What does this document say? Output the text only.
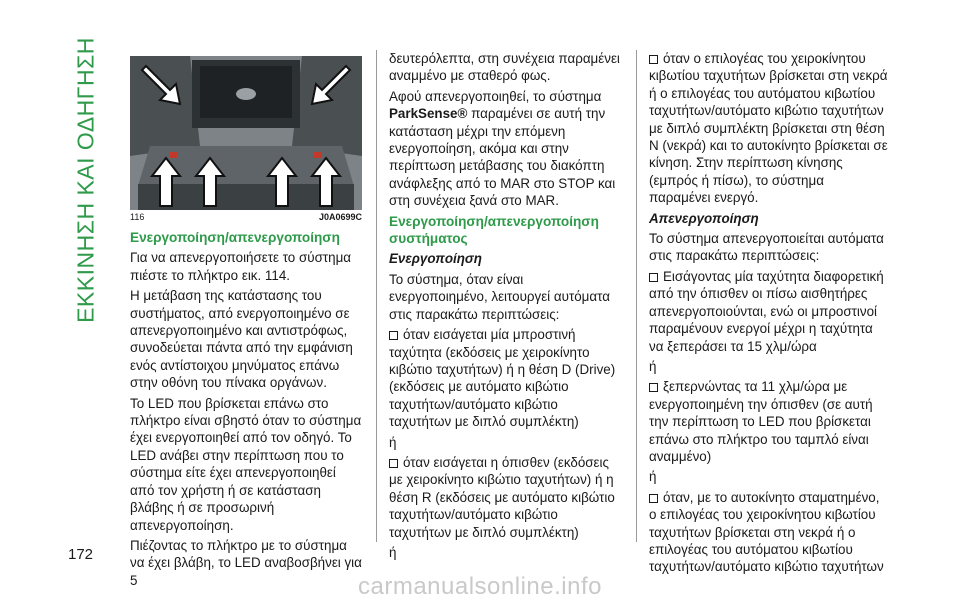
ΕΚΚΙΝΗΣΗ ΚΑΙ ΟΔΗΓΗΣΗ	116	J0A0699C

Ενεργοποίηση/απενεργοποίηση

Για να απενεργοποιήσετε το σύστημα πιέστε το πλήκτρο εικ. 114.

Η μετάβαση της κατάστασης του συστήματος, από ενεργοποιημένο σε απενεργοποιημένο και αντιστρόφως, συνοδεύεται πάντα από την εμφάνιση ενός αντίστοιχου μηνύματος επάνω στην οθόνη του πίνακα οργάνων.

Το LED που βρίσκεται επάνω στο πλήκτρο είναι σβηστό όταν το σύστημα έχει ενεργοποιηθεί από τον οδηγό. Το LED ανάβει στην περίπτωση που το σύστημα είτε έχει απενεργοποιηθεί από τον χρήστη ή σε κατάσταση βλάβης ή σε προσωρινή απενεργοποίηση.

Πιέζοντας το πλήκτρο με το σύστημα να έχει βλάβη, το LED αναβοσβήνει για 5

δευτερόλεπτα, στη συνέχεια παραμένει αναμμένο με σταθερό φως.

Αφού απενεργοποιηθεί, το σύστημα ParkSense® παραμένει σε αυτή την κατάσταση μέχρι την επόμενη ενεργοποίηση, ακόμα και στην περίπτωση μετάβασης του διακόπτη ανάφλεξης από το MAR στο STOP και στη συνέχεια ξανά στο MAR.

Ενεργοποίηση/απενεργοποίηση συστήματος

Ενεργοποίηση

Το σύστημα, όταν είναι ενεργοποιημένο, λειτουργεί αυτόματα στις παρακάτω περιπτώσεις:

όταν εισάγεται μία μπροστινή ταχύτητα (εκδόσεις με χειροκίνητο κιβώτιο ταχυτήτων) ή η θέση D (Drive) (εκδόσεις με αυτόματο κιβώτιο ταχυτήτων/αυτόματο κιβώτιο ταχυτήτων με διπλό συμπλέκτη)

ή

όταν εισάγεται η όπισθεν (εκδόσεις με χειροκίνητο κιβώτιο ταχυτήτων) ή η θέση R (εκδόσεις με αυτόματο κιβώτιο ταχυτήτων/αυτόματο κιβώτιο ταχυτήτων με διπλό συμπλέκτη)

ή

όταν ο επιλογέας του χειροκίνητου κιβωτίου ταχυτήτων βρίσκεται στη νεκρά ή ο επιλογέας του αυτόματου κιβωτίου ταχυτήτων/αυτόματο κιβώτιο ταχυτήτων με διπλό συμπλέκτη βρίσκεται στη θέση N (νεκρά) και το αυτοκίνητο βρίσκεται σε κίνηση. Στην περίπτωση κίνησης (εμπρός ή πίσω), το σύστημα παραμένει ενεργό.

Απενεργοποίηση

Το σύστημα απενεργοποιείται αυτόματα στις παρακάτω περιπτώσεις:

Εισάγοντας μία ταχύτητα διαφορετική από την όπισθεν οι πίσω αισθητήρες απενεργοποιούνται, ενώ οι μπροστινοί παραμένουν ενεργοί μέχρι η ταχύτητα να ξεπεράσει τα 15 χλμ/ώρα

ή

ξεπερνώντας τα 11 χλμ/ώρα με ενεργοποιημένη την όπισθεν (σε αυτή την περίπτωση το LED που βρίσκεται επάνω στο πλήκτρο του ταμπλό είναι αναμμένο)

ή

όταν, με το αυτοκίνητο σταματημένο, ο επιλογέας του χειροκίνητου κιβωτίου ταχυτήτων βρίσκεται στη νεκρά ή ο επιλογέας του αυτόματου κιβωτίου ταχυτήτων/αυτόματο κιβώτιο ταχυτήτων

172
carmanualsonline.info
